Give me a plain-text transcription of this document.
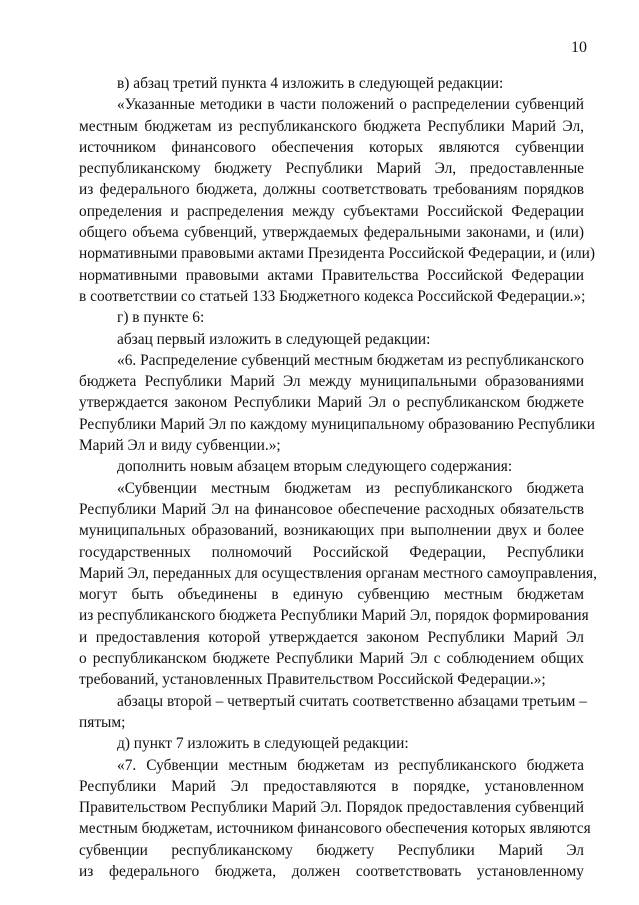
10
в) абзац третий пункта 4 изложить в следующей редакции:
«Указанные методики в части положений о распределении субвенций
местным бюджетам из республиканского бюджета Республики Марий Эл,
источником финансового обеспечения которых являются субвенции
республиканскому бюджету Республики Марий Эл, предоставленные
из федерального бюджета, должны соответствовать требованиям порядков
определения и распределения между субъектами Российской Федерации
общего объема субвенций, утверждаемых федеральными законами, и (или)
нормативными правовыми актами Президента Российской Федерации, и (или)
нормативными правовыми актами Правительства Российской Федерации
в соответствии со статьей 133 Бюджетного кодекса Российской Федерации.»;
г) в пункте 6:
абзац первый изложить в следующей редакции:
«6. Распределение субвенций местным бюджетам из республиканского
бюджета Республики Марий Эл между муниципальными образованиями
утверждается законом Республики Марий Эл о республиканском бюджете
Республики Марий Эл по каждому муниципальному образованию Республики
Марий Эл и виду субвенции.»;
дополнить новым абзацем вторым следующего содержания:
«Субвенции местным бюджетам из республиканского бюджета
Республики Марий Эл на финансовое обеспечение расходных обязательств
муниципальных образований, возникающих при выполнении двух и более
государственных полномочий Российской Федерации, Республики
Марий Эл, переданных для осуществления органам местного самоуправления,
могут быть объединены в единую субвенцию местным бюджетам
из республиканского бюджета Республики Марий Эл, порядок формирования
и предоставления которой утверждается законом Республики Марий Эл
о республиканском бюджете Республики Марий Эл с соблюдением общих
требований, установленных Правительством Российской Федерации.»;
абзацы второй – четвертый считать соответственно абзацами третьим –
пятым;
д) пункт 7 изложить в следующей редакции:
«7. Субвенции местным бюджетам из республиканского бюджета
Республики Марий Эл предоставляются в порядке, установленном
Правительством Республики Марий Эл. Порядок предоставления субвенций
местным бюджетам, источником финансового обеспечения которых являются
субвенции республиканскому бюджету Республики Марий Эл
из федерального бюджета, должен соответствовать установленному
